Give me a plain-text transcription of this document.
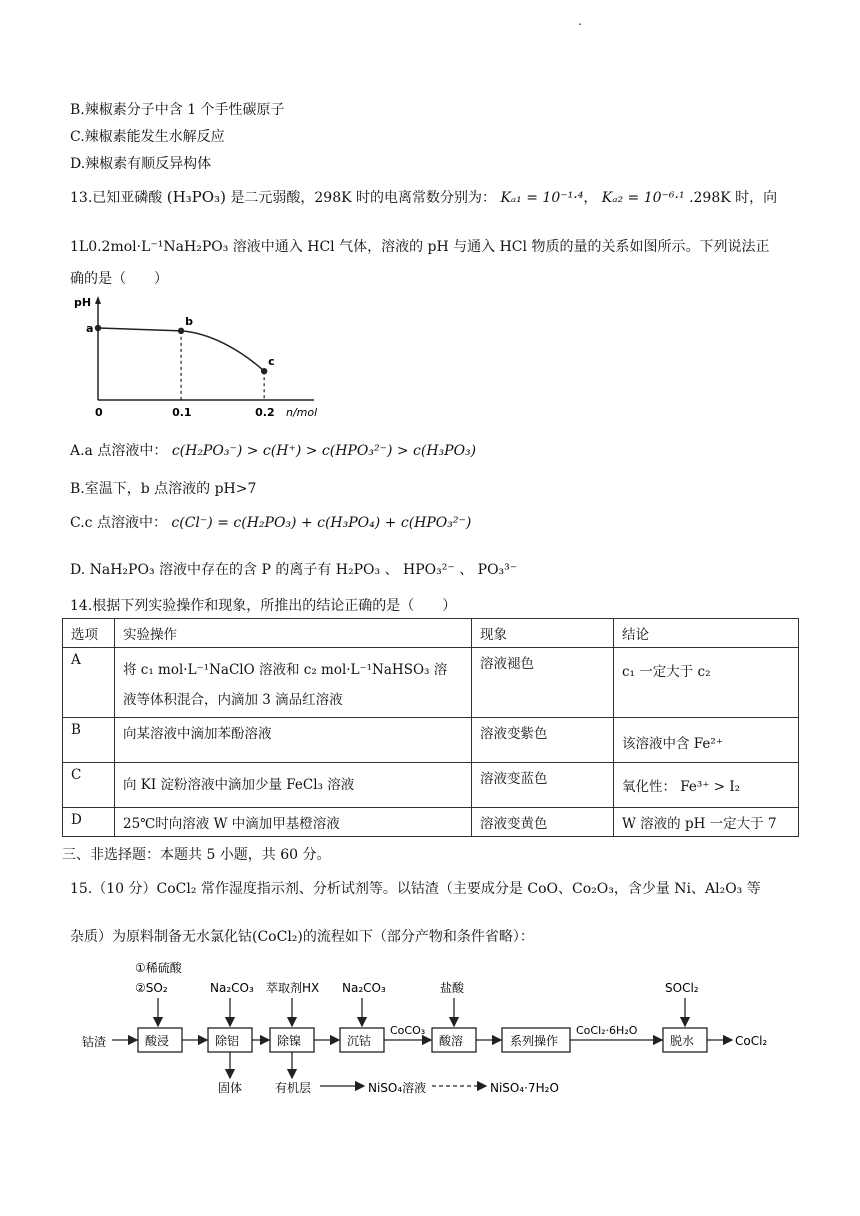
.
B.辣椒素分子中含 1 个手性碳原子
C.辣椒素能发生水解反应
D.辣椒素有顺反异构体
13.已知亚磷酸 (H₃PO₃) 是二元弱酸，298K 时的电离常数分别为： Kₐ₁ = 10⁻¹·⁴， Kₐ₂ = 10⁻⁶·¹ .298K 时，向
1L0.2mol·L⁻¹NaH₂PO₃ 溶液中通入 HCl 气体，溶液的 pH 与通入 HCl 物质的量的关系如图所示。下列说法正
确的是（　　）
pH
n/mol
0	0.1	0.2
a
b
c
A.a 点溶液中： c(H₂PO₃⁻) > c(H⁺) > c(HPO₃²⁻) > c(H₃PO₃)
B.室温下，b 点溶液的 pH>7
C.c 点溶液中： c(Cl⁻) = c(H₂PO₃) + c(H₃PO₄) + c(HPO₃²⁻)
D. NaH₂PO₃ 溶液中存在的含 P 的离子有 H₂PO₃ 、 HPO₃²⁻ 、 PO₃³⁻
14.根据下列实验操作和现象，所推出的结论正确的是（　　）
选项	实验操作	现象	结论
A	将 c₁ mol·L⁻¹NaClO 溶液和 c₂ mol·L⁻¹NaHSO₃ 溶
液等体积混合，内滴加 3 滴品红溶液	溶液褪色	c₁ 一定大于 c₂
B	向某溶液中滴加苯酚溶液	溶液变紫色	该溶液中含 Fe²⁺
C	向 KI 淀粉溶液中滴加少量 FeCl₃ 溶液	溶液变蓝色	氧化性： Fe³⁺ > I₂
D	25℃时向溶液 W 中滴加甲基橙溶液	溶液变黄色	W 溶液的 pH 一定大于 7
三、非选择题：本题共 5 小题，共 60 分。
15.（10 分）CoCl₂ 常作湿度指示剂、分析试剂等。以钴渣（主要成分是 CoO、Co₂O₃，含少量 Ni、Al₂O₃ 等
杂质）为原料制备无水氯化钴(CoCl₂)的流程如下（部分产物和条件省略）：
①稀硫酸
②SO₂	Na₂CO₃ 萃取剂HX Na₂CO₃	盐酸	SOCl₂
钴渣	酸浸	除铝	除镍	沉钴	酸溶	系列操作	脱水
CoCO₃	CoCl₂·6H₂O
CoCl₂
固体	有机层	NiSO₄溶液	NiSO₄·7H₂O
